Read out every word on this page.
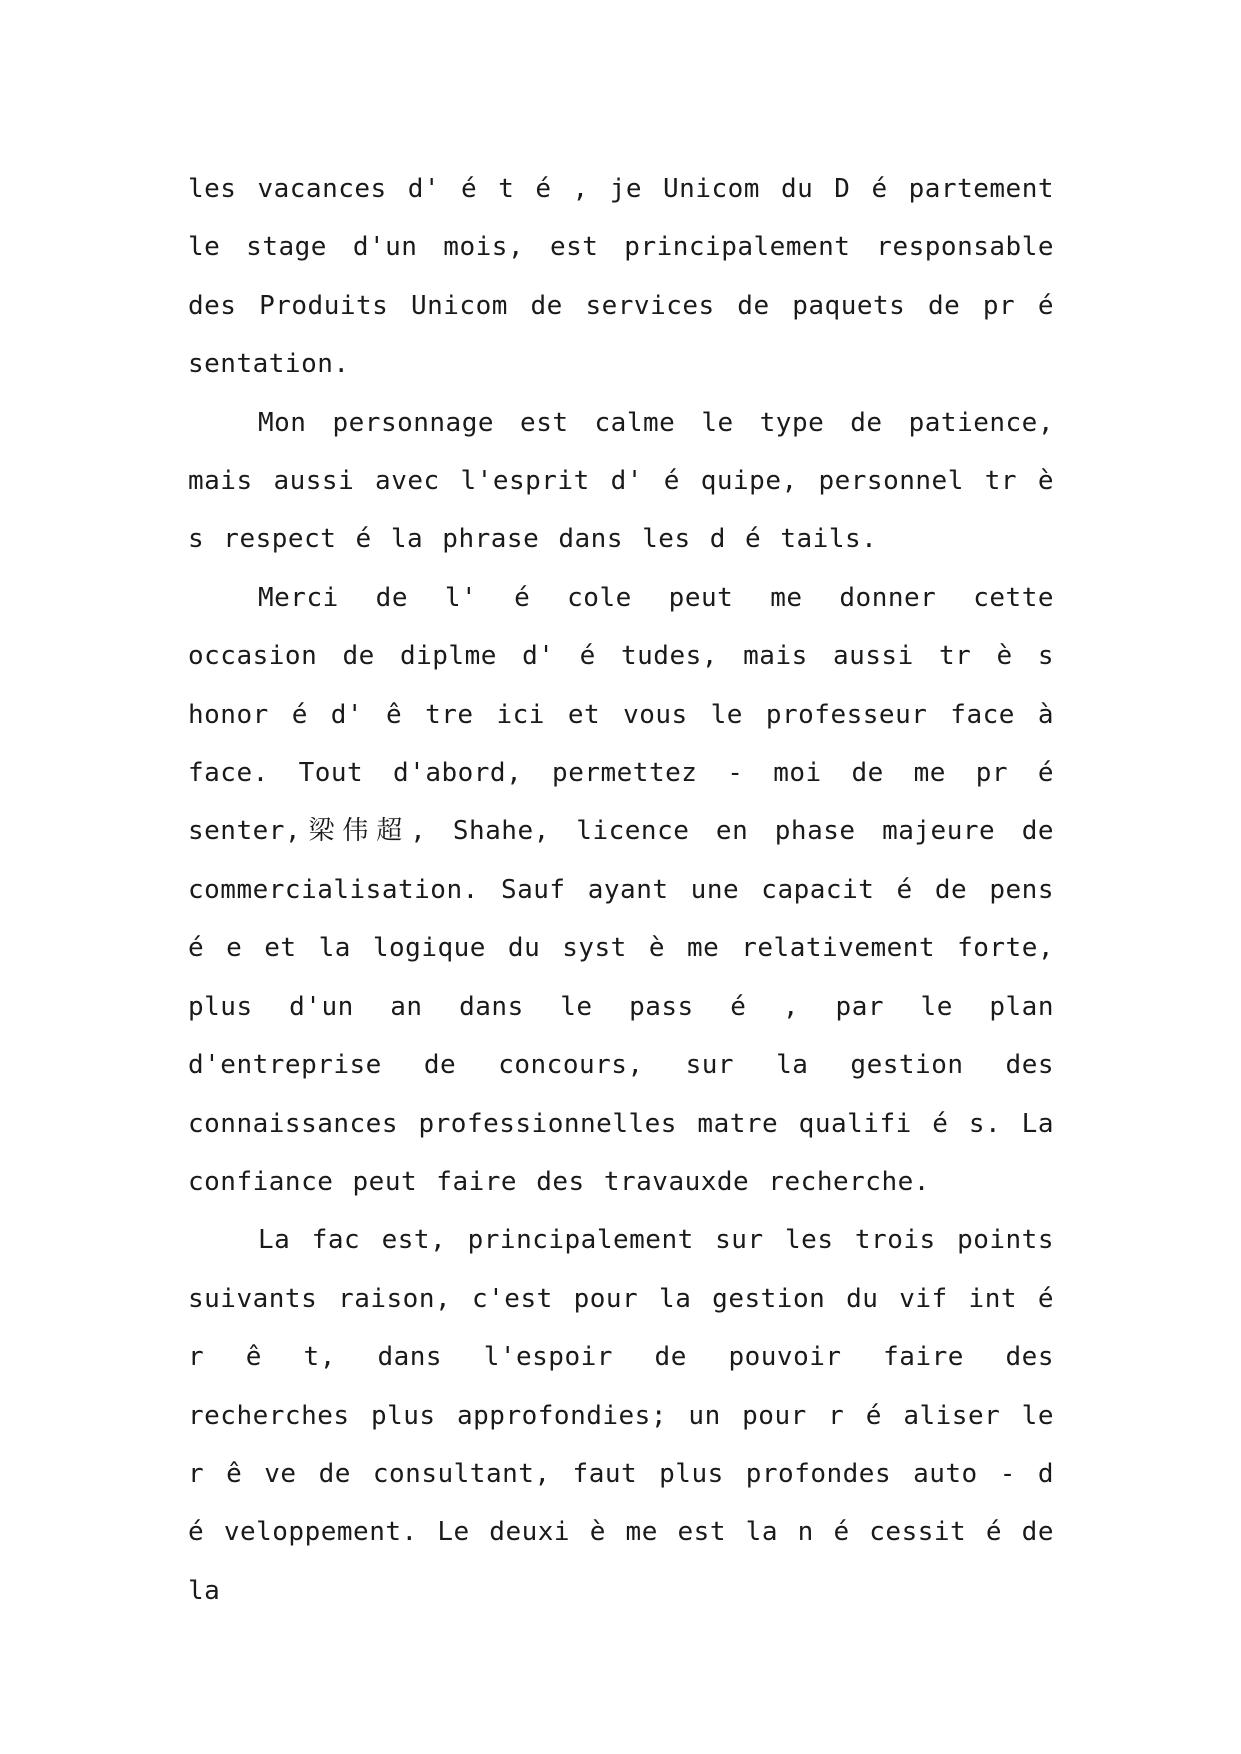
les vacances d' é t é , je Unicom du D é partement le stage d'un mois, est principalement responsable des Produits Unicom de services de paquets de pr é sentation.

Mon personnage est calme le type de patience, mais aussi avec l'esprit d' é quipe, personnel tr è s respect é la phrase dans les d é tails.

Merci de l' é cole peut me donner cette occasion de diplme d' é tudes, mais aussi tr è s honor é d' ê tre ici et vous le professeur face à face. Tout d'abord, permettez - moi de me pr é senter,梁伟超, Shahe, licence en phase majeure de commercialisation. Sauf ayant une capacit é de pens é e et la logique du syst è me relativement forte, plus d'un an dans le pass é , par le plan d'entreprise de concours, sur la gestion des connaissances professionnelles matre qualifi é s. La confiance peut faire des travauxde recherche.

La fac est, principalement sur les trois points suivants raison, c'est pour la gestion du vif int é r ê t, dans l'espoir de pouvoir faire des recherches plus approfondies; un pour r é aliser le r ê ve de consultant, faut plus profondes auto - d é veloppement. Le deuxi è me est la n é cessit é de la
